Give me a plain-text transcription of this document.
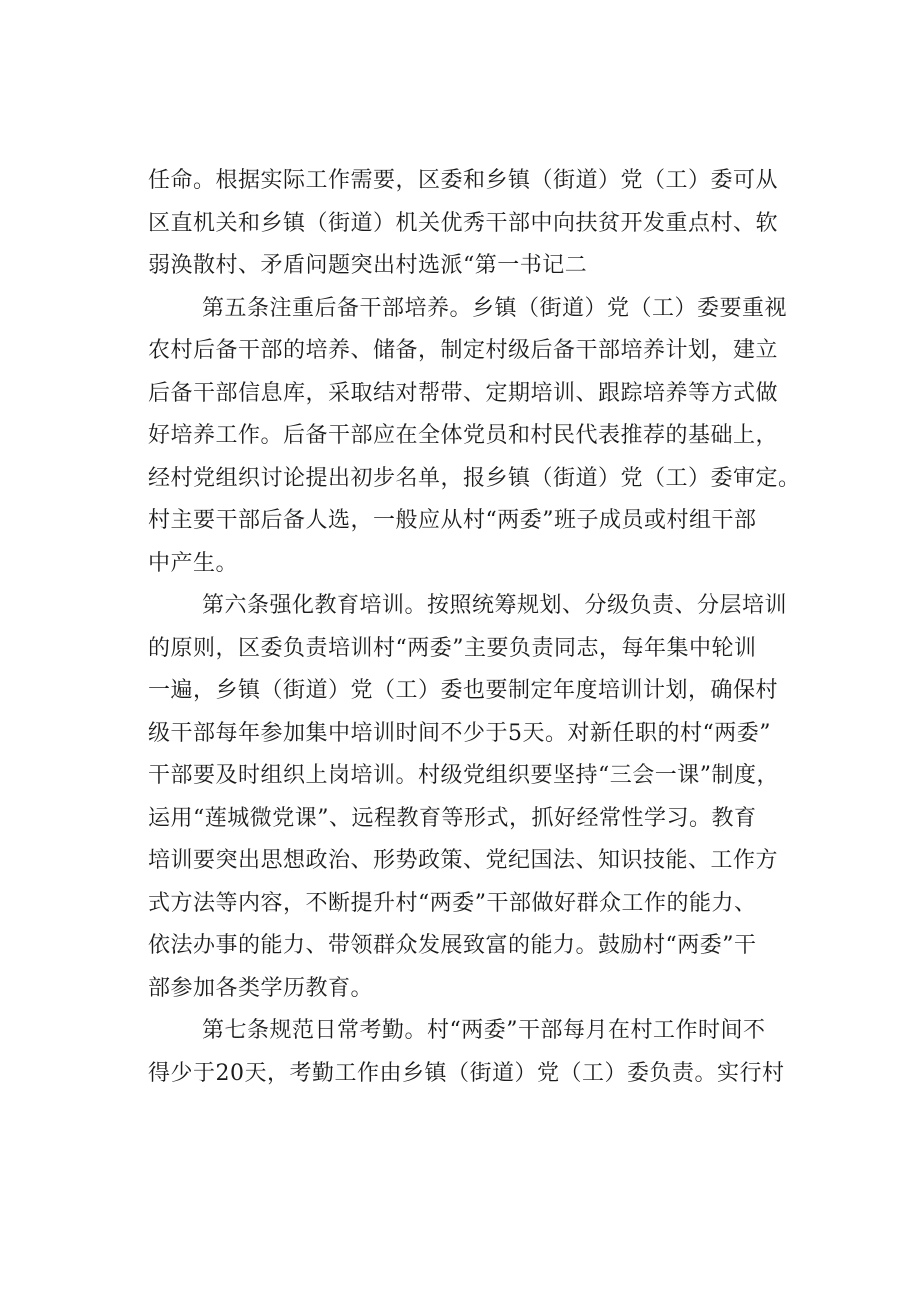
任命。根据实际工作需要，区委和乡镇（街道）党（工）委可从
区直机关和乡镇（街道）机关优秀干部中向扶贫开发重点村、软
弱涣散村、矛盾问题突出村选派“第一书记二
第五条注重后备干部培养。乡镇（街道）党（工）委要重视
农村后备干部的培养、储备，制定村级后备干部培养计划，建立
后备干部信息库，采取结对帮带、定期培训、跟踪培养等方式做
好培养工作。后备干部应在全体党员和村民代表推荐的基础上，
经村党组织讨论提出初步名单，报乡镇（街道）党（工）委审定。
村主要干部后备人选，一般应从村“两委”班子成员或村组干部
中产生。
第六条强化教育培训。按照统筹规划、分级负责、分层培训
的原则，区委负责培训村“两委”主要负责同志，每年集中轮训
一遍，乡镇（街道）党（工）委也要制定年度培训计划，确保村
级干部每年参加集中培训时间不少于5天。对新任职的村“两委”
干部要及时组织上岗培训。村级党组织要坚持“三会一课”制度，
运用“莲城微党课”、远程教育等形式，抓好经常性学习。教育
培训要突出思想政治、形势政策、党纪国法、知识技能、工作方
式方法等内容，不断提升村“两委”干部做好群众工作的能力、
依法办事的能力、带领群众发展致富的能力。鼓励村“两委”干
部参加各类学历教育。
第七条规范日常考勤。村“两委”干部每月在村工作时间不
得少于20天，考勤工作由乡镇（街道）党（工）委负责。实行村
